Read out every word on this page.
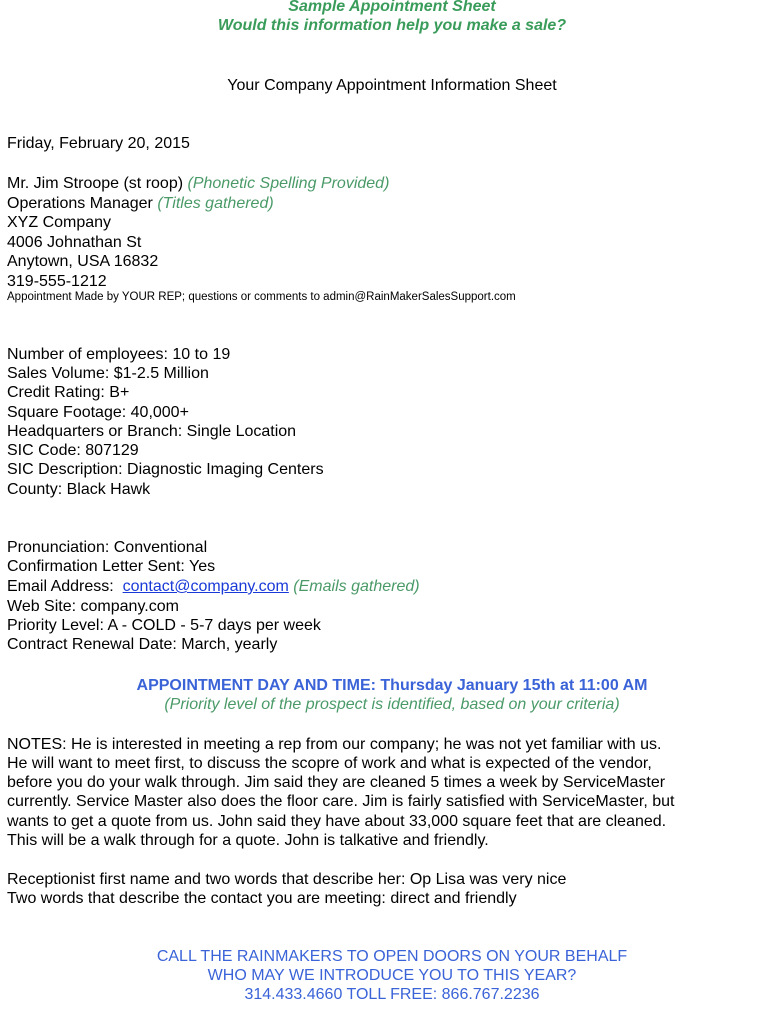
Sample Appointment Sheet
Would this information help you make a sale?
Your Company Appointment Information Sheet
Friday, February 20, 2015
Mr. Jim Stroope (st roop) (Phonetic Spelling Provided)
Operations Manager (Titles gathered)
XYZ Company
4006 Johnathan St
Anytown, USA 16832
319-555-1212
Appointment Made by YOUR REP; questions or comments to admin@RainMakerSalesSupport.com
Number of employees: 10 to 19
Sales Volume: $1-2.5 Million
Credit Rating: B+
Square Footage: 40,000+
Headquarters or Branch: Single Location
SIC Code: 807129
SIC Description: Diagnostic Imaging Centers
County: Black Hawk
Pronunciation: Conventional
Confirmation Letter Sent: Yes
Email Address:  contact@company.com (Emails gathered)
Web Site: company.com
Priority Level: A - COLD - 5-7 days per week
Contract Renewal Date: March, yearly
APPOINTMENT DAY AND TIME: Thursday January 15th at 11:00 AM
(Priority level of the prospect is identified, based on your criteria)
NOTES: He is interested in meeting a rep from our company; he was not yet familiar with us.
He will want to meet first, to discuss the scopre of work and what is expected of the vendor,
before you do your walk through. Jim said they are cleaned 5 times a week by ServiceMaster
currently. Service Master also does the floor care. Jim is fairly satisfied with ServiceMaster, but
wants to get a quote from us. John said they have about 33,000 square feet that are cleaned.
This will be a walk through for a quote. John is talkative and friendly.
Receptionist first name and two words that describe her: Op Lisa was very nice
Two words that describe the contact you are meeting: direct and friendly
CALL THE RAINMAKERS TO OPEN DOORS ON YOUR BEHALF
WHO MAY WE INTRODUCE YOU TO THIS YEAR?
314.433.4660 TOLL FREE: 866.767.2236
